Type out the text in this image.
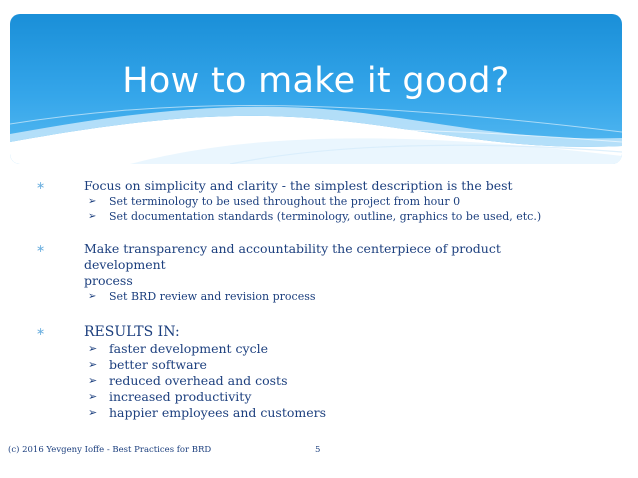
How to make it good?
∗	Focus on simplicity and clarity - the simplest description is the best
➢ Set terminology to be used throughout the project from hour 0
➢ Set documentation standards (terminology, outline, graphics to be used, etc.)
∗	Make transparency and accountability the centerpiece of product development
process
➢ Set BRD review and revision process
∗	RESULTS IN:
➢ faster development cycle
➢ better software
➢ reduced overhead and costs
➢ increased productivity
➢ happier employees and customers
(c) 2016 Yevgeny Ioffe - Best Practices for BRD	5
